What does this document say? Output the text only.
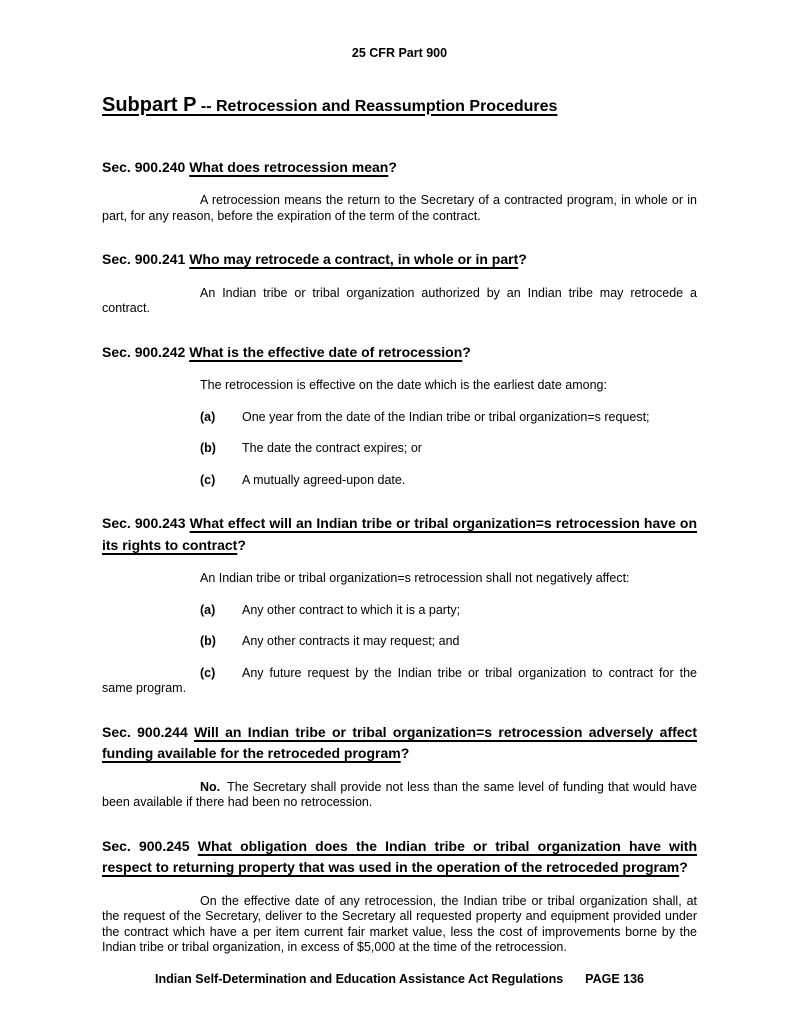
25 CFR Part 900
Subpart P -- Retrocession and Reassumption Procedures
Sec. 900.240 What does retrocession mean?

A retrocession means the return to the Secretary of a contracted program, in whole or in part, for any reason, before the expiration of the term of the contract.

Sec. 900.241 Who may retrocede a contract, in whole or in part?

An Indian tribe or tribal organization authorized by an Indian tribe may retrocede a contract.

Sec. 900.242 What is the effective date of retrocession?

The retrocession is effective on the date which is the earliest date among:

(a) One year from the date of the Indian tribe or tribal organization=s request;

(b) The date the contract expires; or

(c) A mutually agreed-upon date.

Sec. 900.243 What effect will an Indian tribe or tribal organization=s retrocession have on its rights to contract?

An Indian tribe or tribal organization=s retrocession shall not negatively affect:

(a) Any other contract to which it is a party;

(b) Any other contracts it may request; and

(c) Any future request by the Indian tribe or tribal organization to contract for the same program.

Sec. 900.244 Will an Indian tribe or tribal organization=s retrocession adversely affect funding available for the retroceded program?

No. The Secretary shall provide not less than the same level of funding that would have been available if there had been no retrocession.

Sec. 900.245 What obligation does the Indian tribe or tribal organization have with respect to returning property that was used in the operation of the retroceded program?

On the effective date of any retrocession, the Indian tribe or tribal organization shall, at the request of the Secretary, deliver to the Secretary all requested property and equipment provided under the contract which have a per item current fair market value, less the cost of improvements borne by the Indian tribe or tribal organization, in excess of $5,000 at the time of the retrocession.

Indian Self-Determination and Education Assistance Act Regulations PAGE 136
